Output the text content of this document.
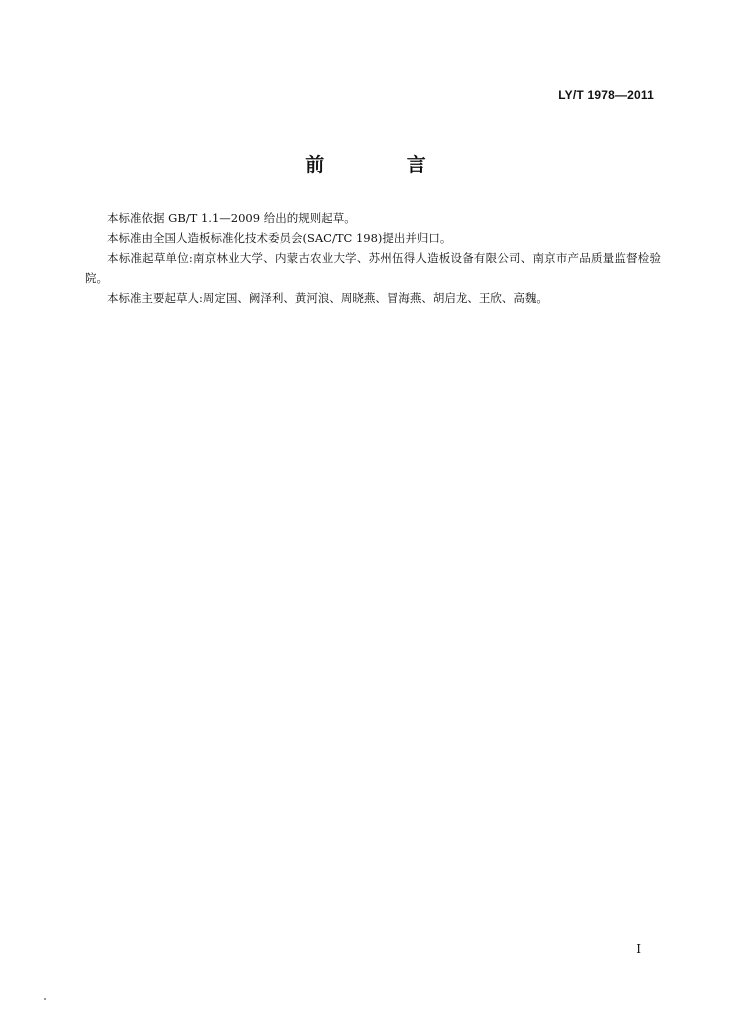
LY/T 1978—2011
前 言

本标准依据 GB/T 1.1—2009 给出的规则起草。

本标准由全国人造板标准化技术委员会(SAC/TC 198)提出并归口。

本标准起草单位:南京林业大学、内蒙古农业大学、苏州伍得人造板设备有限公司、南京市产品质量监督检验院。

本标准主要起草人:周定国、阙泽利、黄河浪、周晓燕、冒海燕、胡启龙、王欣、高魏。

I
